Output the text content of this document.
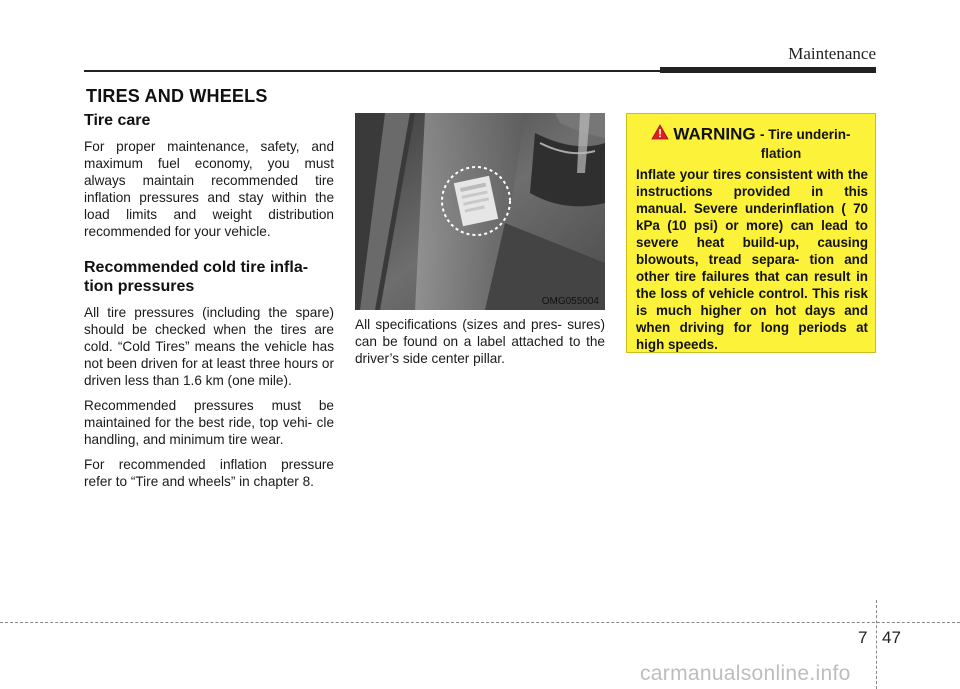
Maintenance
TIRES AND WHEELS
Tire care

For proper maintenance, safety, and maximum fuel economy, you must always maintain recommended tire inflation pressures and stay within the load limits and weight distribution recommended for your vehicle.

Recommended cold tire infla- tion pressures

All tire pressures (including the spare) should be checked when the tires are cold. “Cold Tires” means the vehicle has not been driven for at least three hours or driven less than 1.6 km (one mile).

Recommended pressures must be maintained for the best ride, top vehi- cle handling, and minimum tire wear.

For recommended inflation pressure refer to “Tire and wheels” in chapter 8.

OMG055004

All specifications (sizes and pres- sures) can be found on a label attached to the driver’s side center pillar.

WARNING - Tire underin-
flation
Inflate your tires consistent with the instructions provided in this manual. Severe underinflation ( 70 kPa (10 psi) or more) can lead to severe heat build-up, causing blowouts, tread separa- tion and other tire failures that can result in the loss of vehicle control. This risk is much higher on hot days and when driving for long periods at high speeds.
7 47
carmanualsonline.info
